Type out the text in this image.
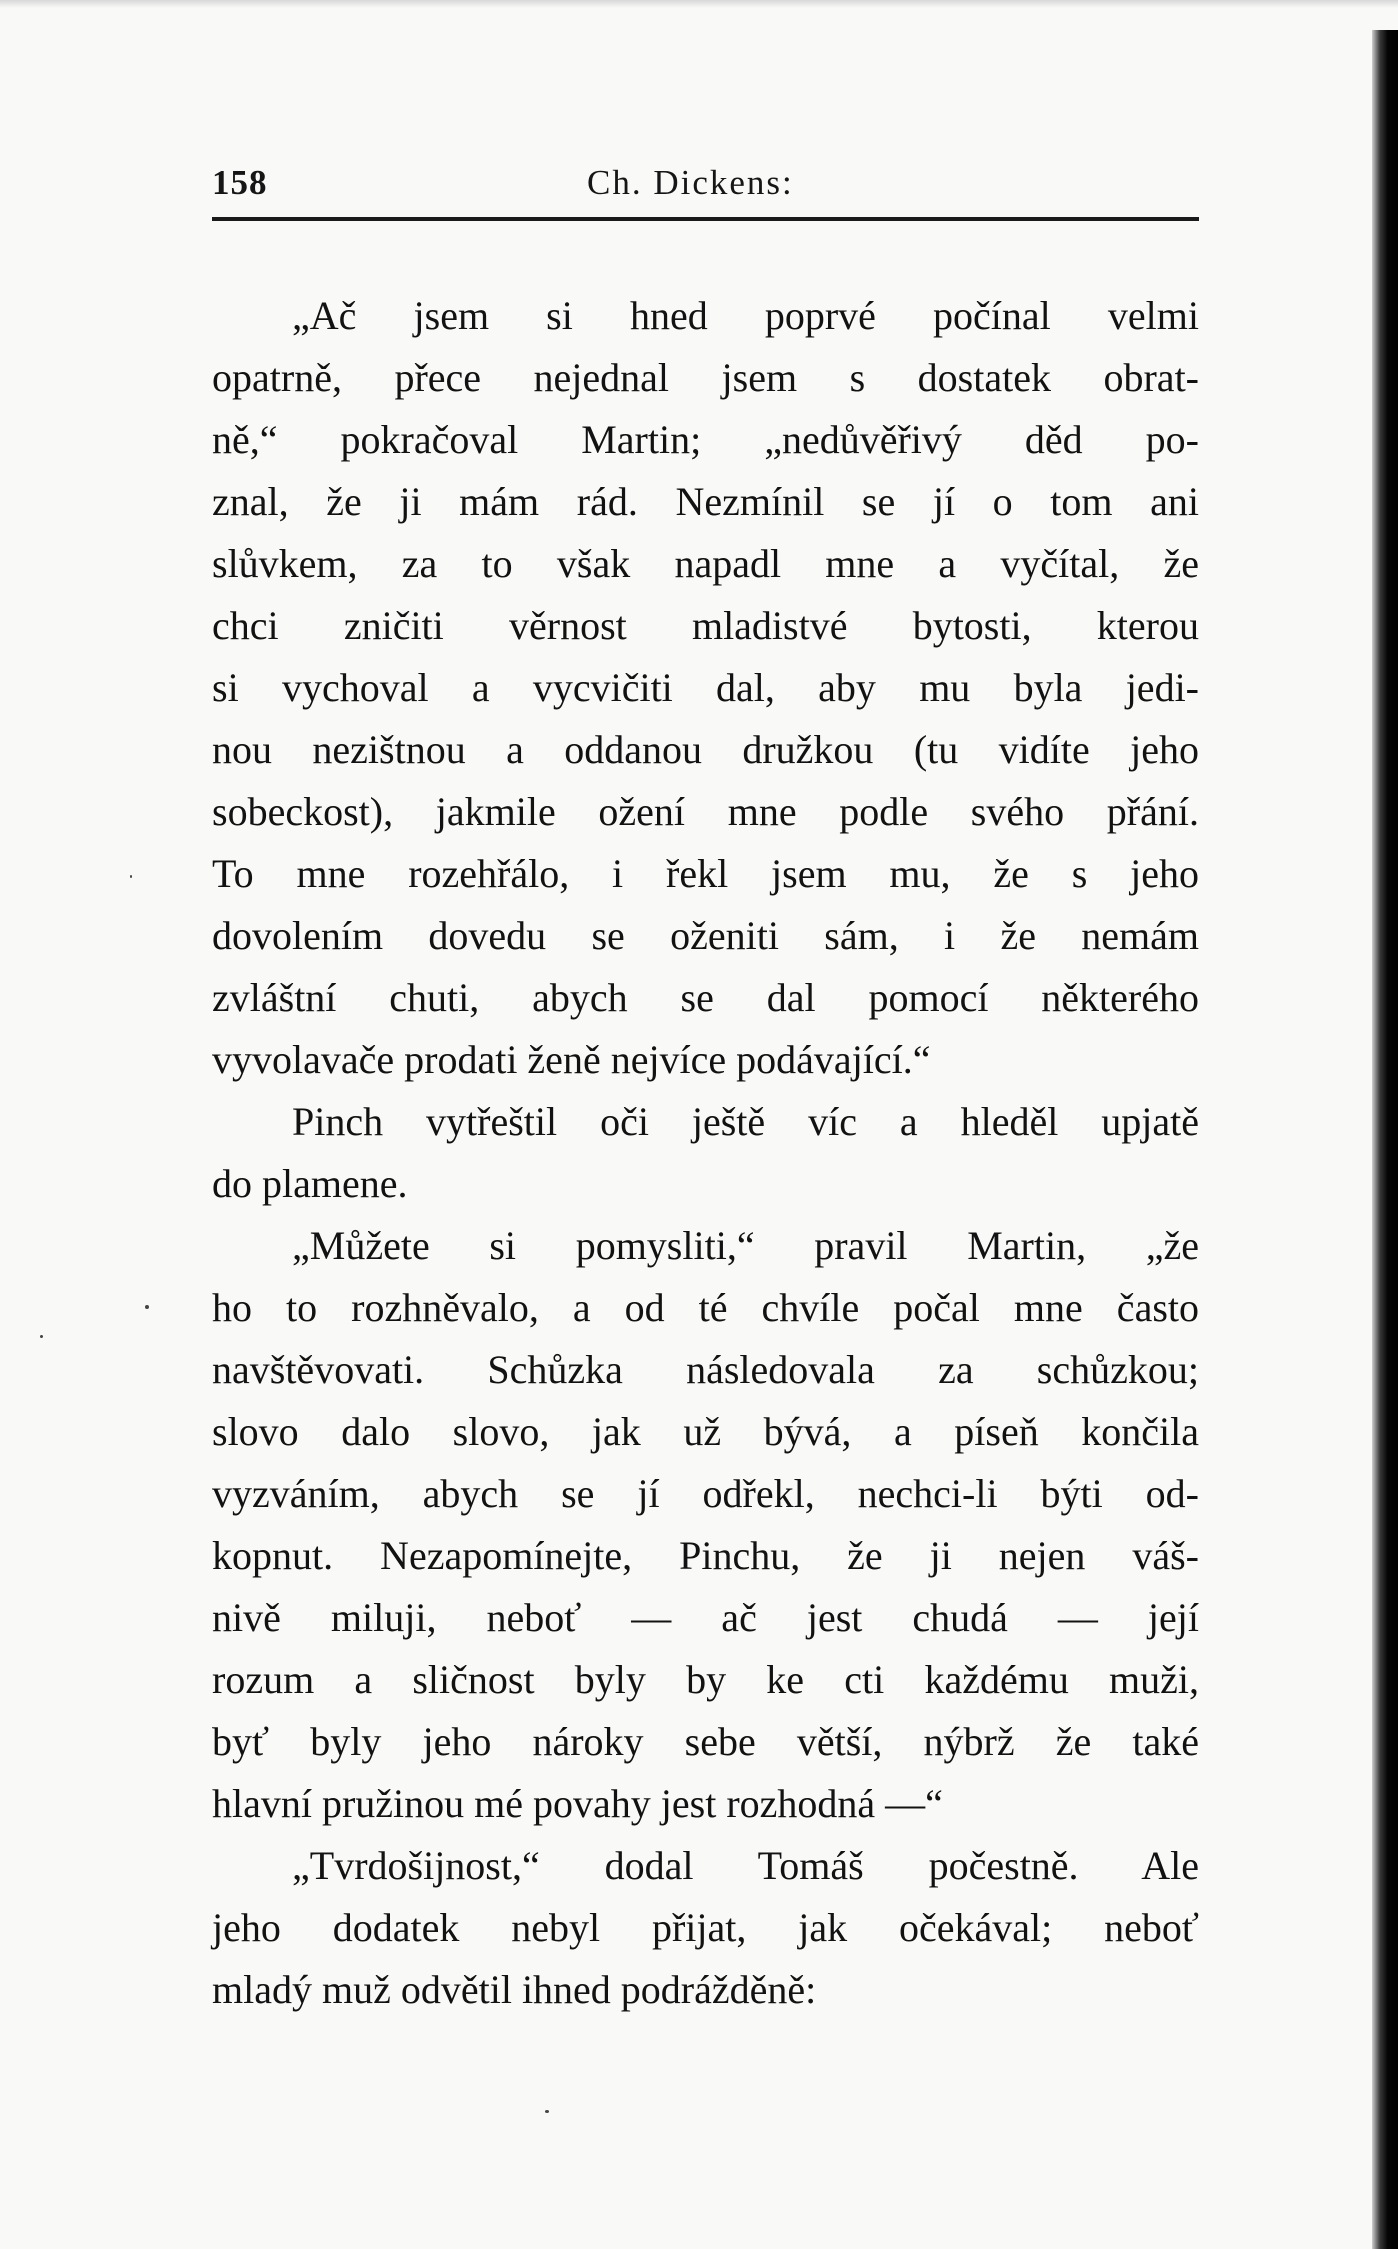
158	Ch. Dickens:
„Ač jsem si hned poprvé počínal velmi
opatrně, přece nejednal jsem s dostatek obrat-
ně,“ pokračoval Martin; „nedůvěřivý děd po-
znal, že ji mám rád. Nezmínil se jí o tom ani
slůvkem, za to však napadl mne a vyčítal, že
chci zničiti věrnost mladistvé bytosti, kterou
si vychoval a vycvičiti dal, aby mu byla jedi-
nou nezištnou a oddanou družkou (tu vidíte jeho
sobeckost), jakmile ožení mne podle svého přání.
To mne rozehřálo, i řekl jsem mu, že s jeho
dovolením dovedu se oženiti sám, i že nemám
zvláštní chuti, abych se dal pomocí některého
vyvolavače prodati ženě nejvíce podávající.“
Pinch vytřeštil oči ještě víc a hleděl upjatě
do plamene.
„Můžete si pomysliti,“ pravil Martin, „že
ho to rozhněvalo, a od té chvíle počal mne často
navštěvovati. Schůzka následovala za schůzkou;
slovo dalo slovo, jak už bývá, a píseň končila
vyzváním, abych se jí odřekl, nechci-li býti od-
kopnut. Nezapomínejte, Pinchu, že ji nejen váš-
nivě miluji, neboť — ač jest chudá — její
rozum a sličnost byly by ke cti každému muži,
byť byly jeho nároky sebe větší, nýbrž že také
hlavní pružinou mé povahy jest rozhodná —“
„Tvrdošijnost,“ dodal Tomáš počestně. Ale
jeho dodatek nebyl přijat, jak očekával; neboť
mladý muž odvětil ihned podrážděně:
